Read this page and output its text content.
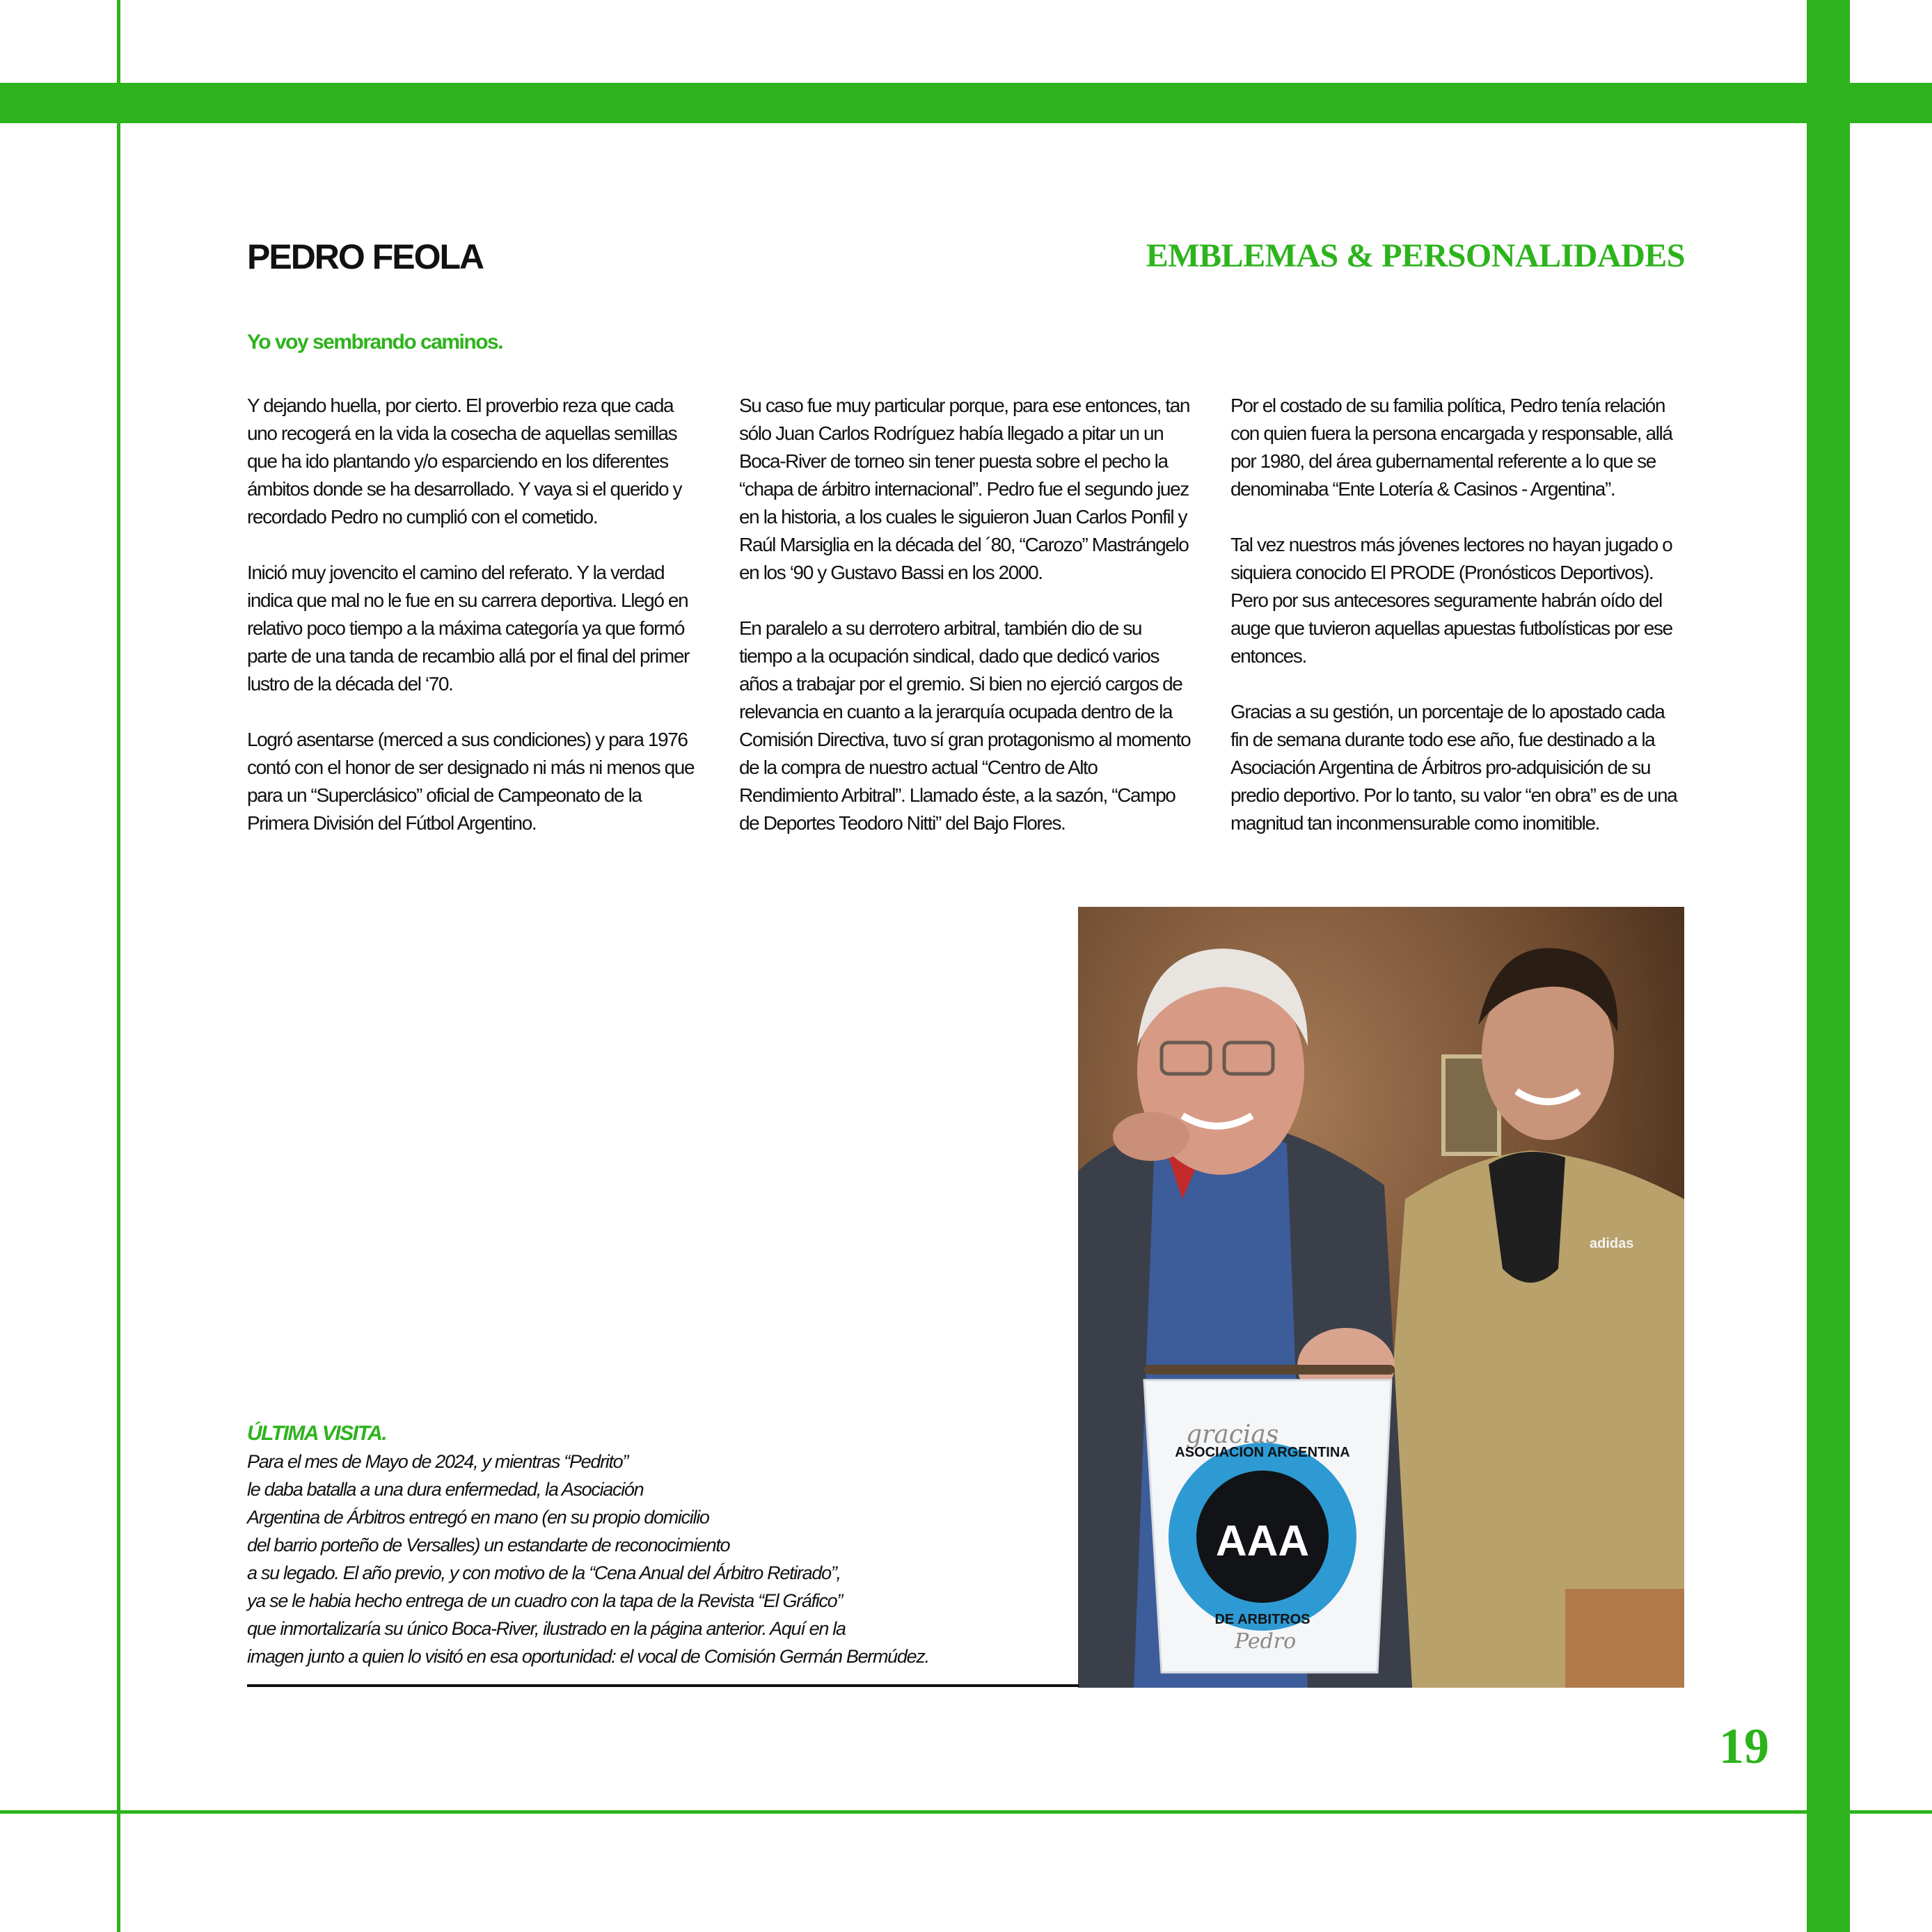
PEDRO FEOLA	EMBLEMAS & PERSONALIDADES
Yo voy sembrando caminos.

Y dejando huella, por cierto. El proverbio reza que cada uno recogerá en la vida la cosecha de aquellas semillas que ha ido plantando y/o esparciendo en los diferentes ámbitos donde se ha desarrollado. Y vaya si el querido y recordado Pedro no cumplió con el cometido.

Inició muy jovencito el camino del referato. Y la verdad indica que mal no le fue en su carrera deportiva. Llegó en relativo poco tiempo a la máxima categoría ya que formó parte de una tanda de recambio allá por el final del primer lustro de la década del ‘70.

Logró asentarse (merced a sus condiciones) y para 1976 contó con el honor de ser designado ni más ni menos que para un “Superclásico” oficial de Campeonato de la Primera División del Fútbol Argentino.

Su caso fue muy particular porque, para ese entonces, tan sólo Juan Carlos Rodríguez había llegado a pitar un un Boca-River de torneo sin tener puesta sobre el pecho la “chapa de árbitro internacional”. Pedro fue el segundo juez en la historia, a los cuales le siguieron Juan Carlos Ponfil y Raúl Marsiglia en la década del ´80, “Carozo” Mastrángelo en los ‘90 y Gustavo Bassi en los 2000.

En paralelo a su derrotero arbitral, también dio de su tiempo a la ocupación sindical, dado que dedicó varios años a trabajar por el gremio. Si bien no ejerció cargos de relevancia en cuanto a la jerarquía ocupada dentro de la Comisión Directiva, tuvo sí gran protagonismo al momento de la compra de nuestro actual “Centro de Alto Rendimiento Arbitral”. Llamado éste, a la sazón, “Campo de Deportes Teodoro Nitti” del Bajo Flores.

Por el costado de su familia política, Pedro tenía relación con quien fuera la persona encargada y responsable, allá por 1980, del área gubernamental referente a lo que se denominaba “Ente Lotería & Casinos - Argentina”.

Tal vez nuestros más jóvenes lectores no hayan jugado o siquiera conocido El PRODE (Pronósticos Deportivos). Pero por sus antecesores seguramente habrán oído del auge que tuvieron aquellas apuestas futbolísticas por ese entonces.

Gracias a su gestión, un porcentaje de lo apostado cada fin de semana durante todo ese año, fue destinado a la Asociación Argentina de Árbitros pro-adquisición de su predio deportivo. Por lo tanto, su valor “en obra” es de una magnitud tan inconmensurable como inomitible.

adidas
gracias
AAA
ASOCIACION ARGENTINA
DE ARBITROS
Pedro
ÚLTIMA VISITA.
Para el mes de Mayo de 2024, y mientras “Pedrito”
le daba batalla a una dura enfermedad, la Asociación
Argentina de Árbitros entregó en mano (en su propio domicilio
del barrio porteño de Versalles) un estandarte de reconocimiento
a su legado. El año previo, y con motivo de la “Cena Anual del Árbitro Retirado”,
ya se le habia hecho entrega de un cuadro con la tapa de la Revista “El Gráfico”
que inmortalizaría su único Boca-River, ilustrado en la página anterior. Aquí en la
imagen junto a quien lo visitó en esa oportunidad: el vocal de Comisión Germán Bermúdez.

19
